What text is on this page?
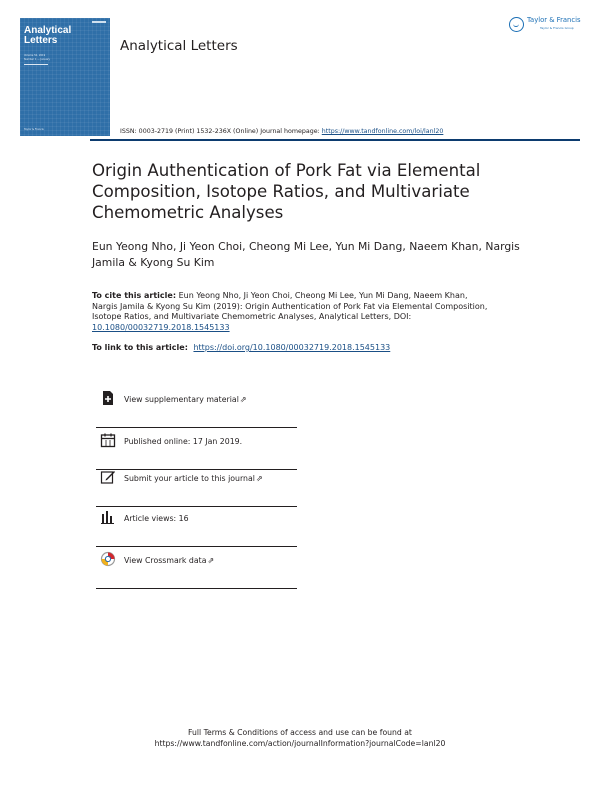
Analytical
Letters
Volume 52, 2019
Number 1 — January
Taylor & Francis
Analytical Letters
ISSN: 0003-2719 (Print) 1532-236X (Online) Journal homepage: https://www.tandfonline.com/loi/lanl20
Taylor & Francis
Taylor & Francis Group
Origin Authentication of Pork Fat via Elemental Composition, Isotope Ratios, and Multivariate Chemometric Analyses
Eun Yeong Nho, Ji Yeon Choi, Cheong Mi Lee, Yun Mi Dang, Naeem Khan, Nargis Jamila & Kyong Su Kim
To cite this article: Eun Yeong Nho, Ji Yeon Choi, Cheong Mi Lee, Yun Mi Dang, Naeem Khan, Nargis Jamila & Kyong Su Kim (2019): Origin Authentication of Pork Fat via Elemental Composition, Isotope Ratios, and Multivariate Chemometric Analyses, Analytical Letters, DOI: 10.1080/00032719.2018.1545133
To link to this article: https://doi.org/10.1080/00032719.2018.1545133
View supplementary material⇗
Published online: 17 Jan 2019.
Submit your article to this journal⇗
Article views: 16
View Crossmark data⇗
Full Terms & Conditions of access and use can be found at
https://www.tandfonline.com/action/journalInformation?journalCode=lanl20
